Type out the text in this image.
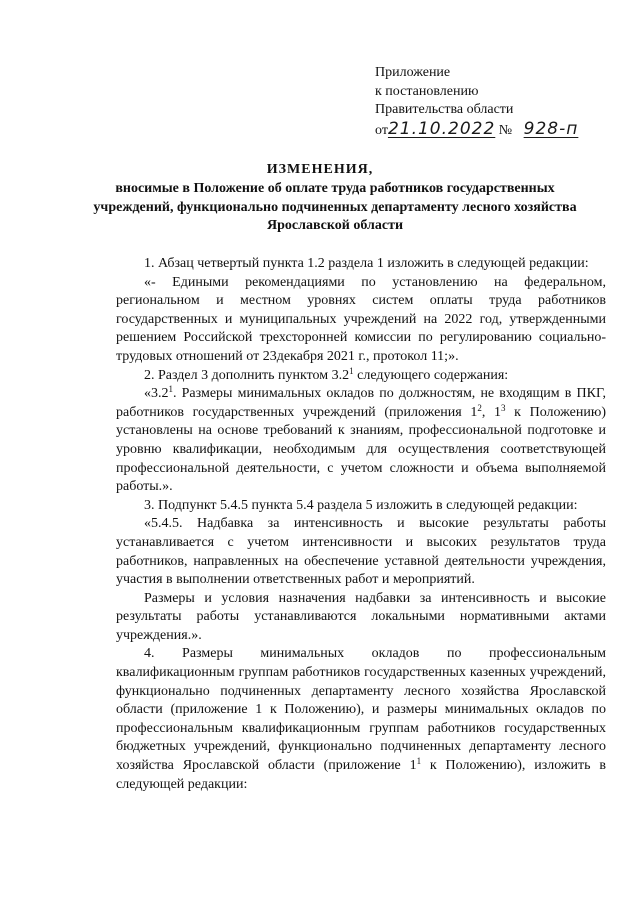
Приложение
к постановлению
Правительства области
от21.10.2022 № 928-п
ИЗМЕНЕНИЯ,
вносимые в Положение об оплате труда работников государственных учреждений, функционально подчиненных департаменту лесного хозяйства Ярославской области

1. Абзац четвертый пункта 1.2 раздела 1 изложить в следующей редакции:

«- Едиными рекомендациями по установлению на федеральном, региональном и местном уровнях систем оплаты труда работников государственных и муниципальных учреждений на 2022 год, утвержденными решением Российской трехсторонней комиссии по регулированию социально-трудовых отношений от 23декабря 2021 г., протокол 11;».

2. Раздел 3 дополнить пунктом $3.2^1$ следующего содержания:

«$3.2^1$. Размеры минимальных окладов по должностям, не входящим в ПКГ, работников государственных учреждений (приложения $1^2$, $1^3$ к Положению) установлены на основе требований к знаниям, профессиональной подготовке и уровню квалификации, необходимым для осуществления соответствующей профессиональной деятельности, с учетом сложности и объема выполняемой работы.».

3. Подпункт 5.4.5 пункта 5.4 раздела 5 изложить в следующей редакции:

«5.4.5. Надбавка за интенсивность и высокие результаты работы устанавливается с учетом интенсивности и высоких результатов труда работников, направленных на обеспечение уставной деятельности учреждения, участия в выполнении ответственных работ и мероприятий.

Размеры и условия назначения надбавки за интенсивность и высокие результаты работы устанавливаются локальными нормативными актами учреждения.».

4. Размеры минимальных окладов по профессиональным квалификационным группам работников государственных казенных учреждений, функционально подчиненных департаменту лесного хозяйства Ярославской области (приложение 1 к Положению), и размеры минимальных окладов по профессиональным квалификационным группам работников государственных бюджетных учреждений, функционально подчиненных департаменту лесного хозяйства Ярославской области (приложение $1^1$ к Положению), изложить в следующей редакции:
